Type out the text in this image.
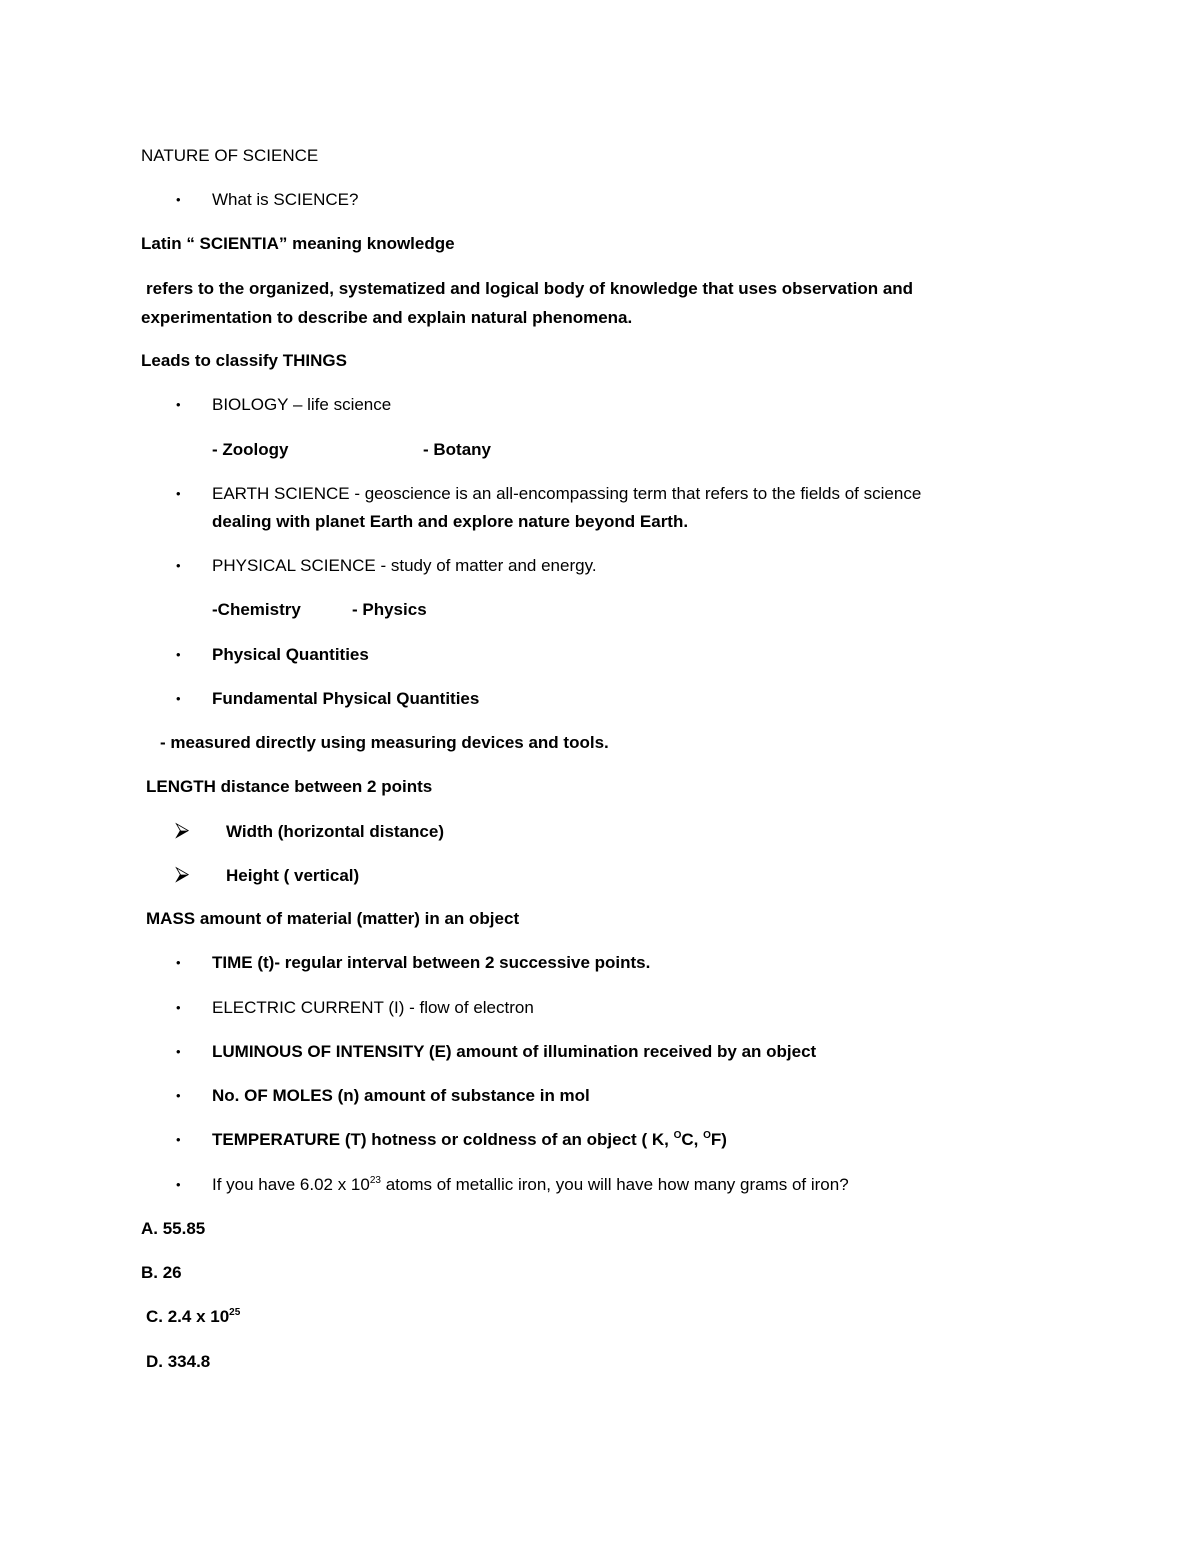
NATURE OF SCIENCE
• What is SCIENCE?
Latin “ SCIENTIA” meaning knowledge
refers to the organized, systematized and logical body of knowledge that uses observation and
experimentation to describe and explain natural phenomena.
Leads to classify THINGS
• BIOLOGY – life science
- Zoology	- Botany
• EARTH SCIENCE - geoscience is an all-encompassing term that refers to the fields of science
dealing with planet Earth and explore nature beyond Earth.
• PHYSICAL SCIENCE - study of matter and energy.
-Chemistry	- Physics
• Physical Quantities
• Fundamental Physical Quantities
- measured directly using measuring devices and tools.
LENGTH distance between 2 points
⮚ Width (horizontal distance)
⮚ Height ( vertical)
MASS amount of material (matter) in an object
• TIME (t)- regular interval between 2 successive points.
• ELECTRIC CURRENT (I) - flow of electron
• LUMINOUS OF INTENSITY (E) amount of illumination received by an object
• No. OF MOLES (n) amount of substance in mol
• TEMPERATURE (T) hotness or coldness of an object ( K, $^O$C, $^O$F)
• If you have 6.02 x $10^{23}$ atoms of metallic iron, you will have how many grams of iron?
A. 55.85
B. 26
C. 2.4 x $10^{25}$
D. 334.8
